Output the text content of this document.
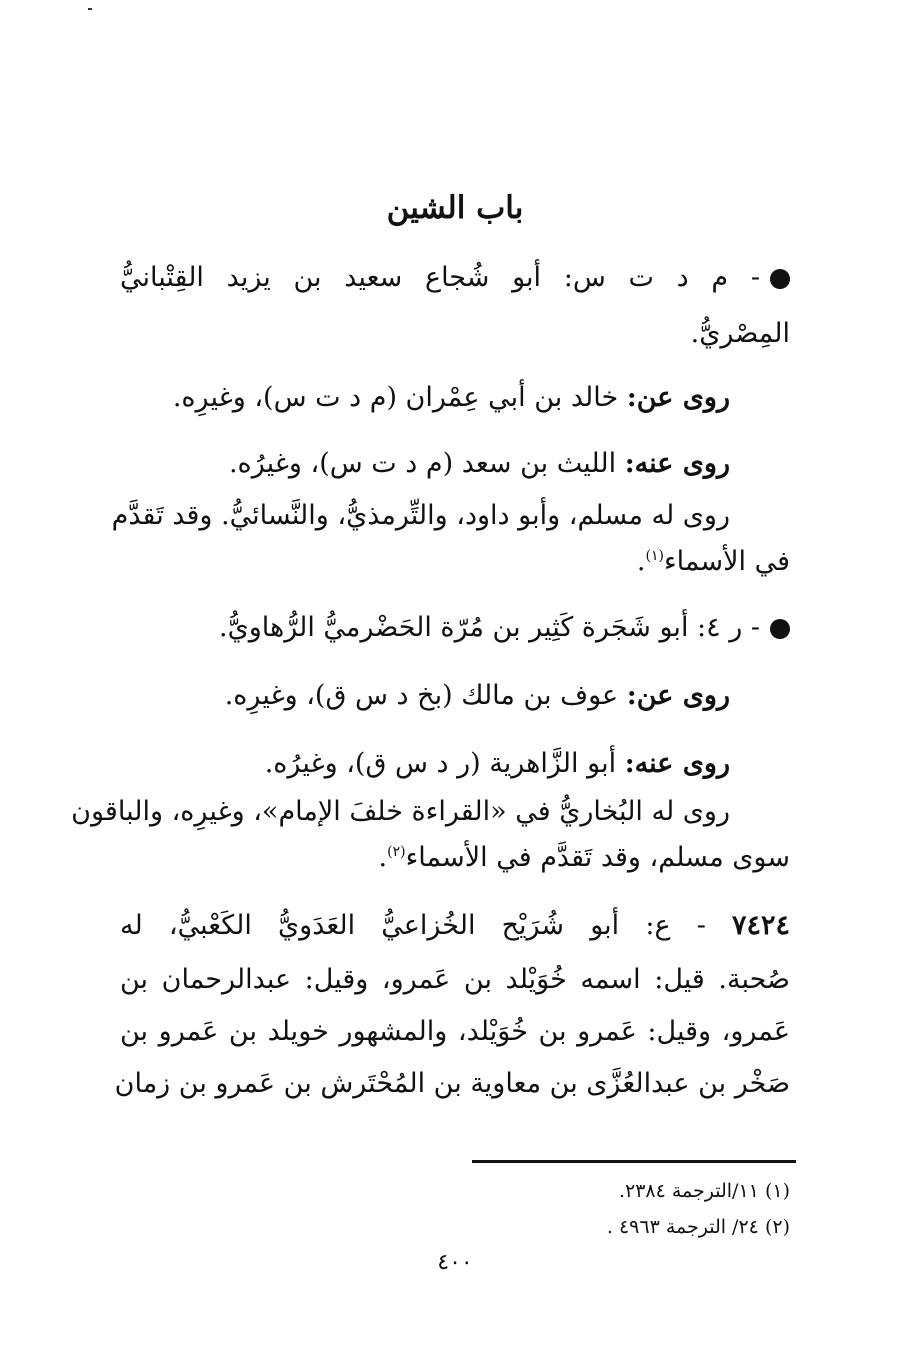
باب الشين
- م د ت س: أبو شُجاع سعيد بن يزيد القِتْبانيُّ
المِصْريُّ.
روى عن: خالد بن أبي عِمْران (م د ت س)، وغيرِه.
روى عنه: الليث بن سعد (م د ت س)، وغيرُه.
روى له مسلم، وأبو داود، والتِّرمذيُّ، والنَّسائيُّ. وقد تَقدَّم
في الأسماء$^{(١)}$.
- ر ٤: أبو شَجَرة كَثِير بن مُرّة الحَضْرميُّ الرُّهاويُّ.
روى عن: عوف بن مالك (بخ د س ق)، وغيرِه.
روى عنه: أبو الزَّاهرية (ر د س ق)، وغيرُه.
روى له البُخاريُّ في «القراءة خلفَ الإمام»، وغيرِه، والباقون
سوى مسلم، وقد تَقدَّم في الأسماء$^{(٢)}$.
٧٤٢٤ - ع: أبو شُرَيْح الخُزاعيُّ العَدَويُّ الكَعْبيُّ، له
صُحبة. قيل: اسمه خُوَيْلد بن عَمرو، وقيل: عبدالرحمان بن
عَمرو، وقيل: عَمرو بن خُوَيْلد، والمشهور خويلد بن عَمرو بن
صَخْر بن عبدالعُزَّى بن معاوية بن المُحْتَرش بن عَمرو بن زمان
(١) ١١/الترجمة ٢٣٨٤.
(٢) ٢٤/ الترجمة ٤٩٦٣ .
٤٠٠
